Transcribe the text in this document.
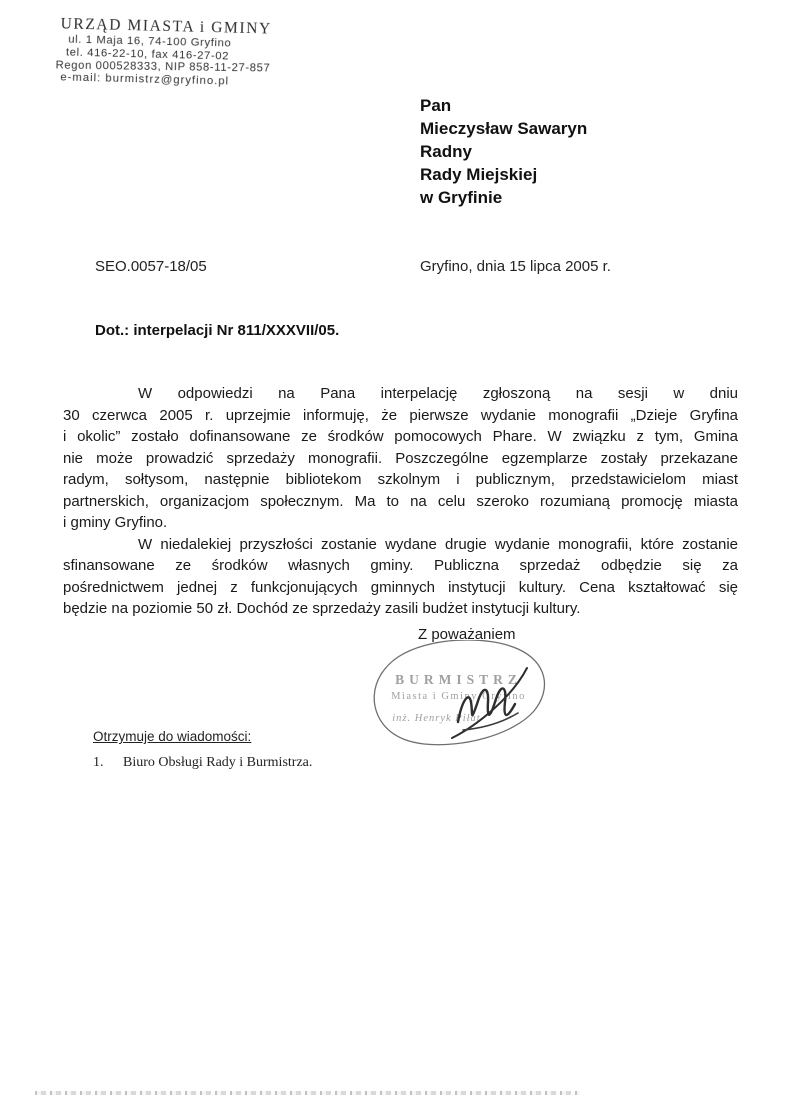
URZĄD MIASTA i GMINY
ul. 1 Maja 16, 74-100 Gryfino
tel. 416-22-10, fax 416-27-02
Regon 000528333, NIP 858-11-27-857
e-mail: burmistrz@gryfino.pl
Pan
Mieczysław Sawaryn
Radny
Rady Miejskiej
w Gryfinie
SEO.0057-18/05	Gryfino, dnia 15 lipca 2005 r.
Dot.: interpelacji Nr 811/XXXVII/05.
W odpowiedzi na Pana interpelację zgłoszoną na sesji w dniu
30 czerwca 2005 r. uprzejmie informuję, że pierwsze wydanie monografii „Dzieje Gryfina
i okolic” zostało dofinansowane ze środków pomocowych Phare. W związku z tym, Gmina
nie może prowadzić sprzedaży monografii. Poszczególne egzemplarze zostały przekazane
radym, sołtysom, następnie bibliotekom szkolnym i publicznym, przedstawicielom miast
partnerskich, organizacjom społecznym. Ma to na celu szeroko rozumianą promocję miasta
i gminy Gryfino.
W niedalekiej przyszłości zostanie wydane drugie wydanie monografii, które zostanie
sfinansowane ze środków własnych gminy. Publiczna sprzedaż odbędzie się za
pośrednictwem jednej z funkcjonujących gminnych instytucji kultury. Cena kształtować się
będzie na poziomie 50 zł. Dochód ze sprzedaży zasili budżet instytucji kultury.
Z poważaniem
BURMISTRZ
Miasta i Gminy Gryfino
inż. Henryk Piłat
Otrzymuje do wiadomości:
1. Biuro Obsługi Rady i Burmistrza.
